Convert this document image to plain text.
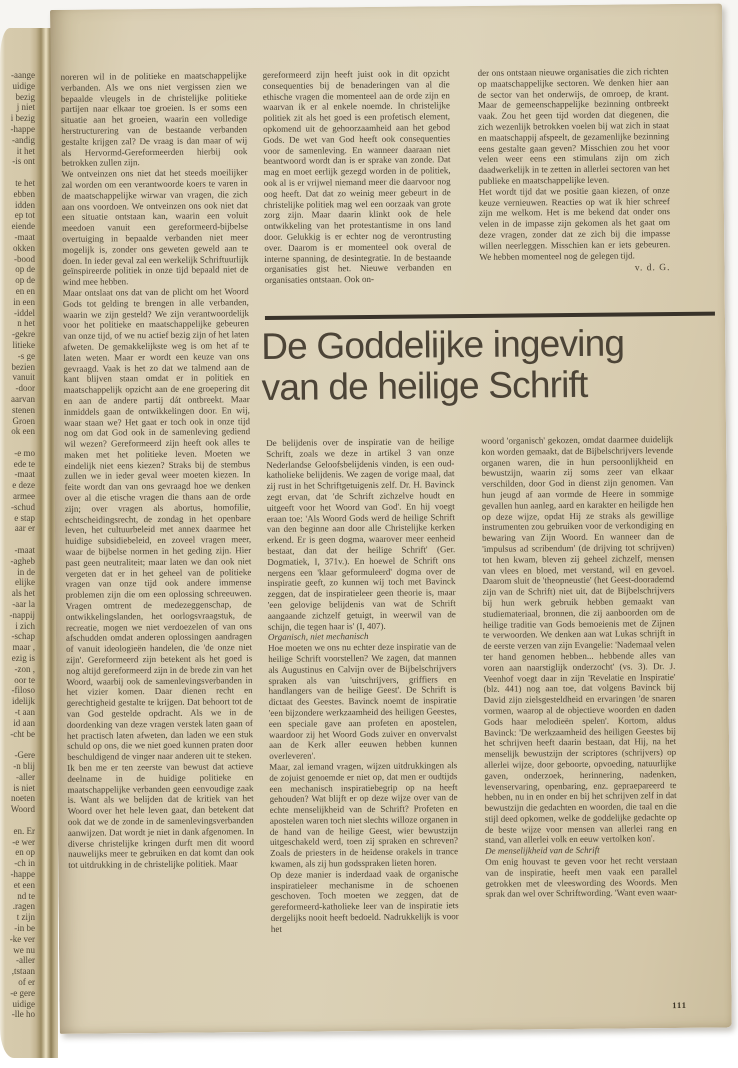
aange-
uidige
bezig
j niet
i bezig
happe-
andig-
it het
is ont-
te het
ebben
idden
ep tot
eiende
maat-
okken
bood-
op de
op de
en en
in een
iddel-
n het
gekre-
litieke
s ge-
bezien
vanuit
door-
aarvan
stenen
Groen
ok een
e mo-
ede te
maat-
e deze
armee
schud-
e stap
aar er
maat-
agheb-
in de
elijke
als het
aar la-
nappij-
i zich
schap-
, maar
ezig is
, zon-
oor te
filoso-
idelijk
t aan-
id aan
cht be-
Gere-
n blij-
aller-
is niet
noeten
Woord
en. Er
e wer-
en op
ch in-
happe-
et een
nd te
ragen.
t zijn
in be-
ke ver-
we nu
aller-
tstaan,
of er
e gere-
uidige
lle ho-

noreren wil in de politieke en maatschappelijke verbanden. Als we ons niet vergissen zien we bepaalde vleugels in de christelijke politieke partijen naar elkaar toe groeien. Is er soms een situatie aan het groeien, waarin een volledige herstructurering van de bestaande verbanden gestalte krijgen zal? De vraag is dan maar of wij als Hervormd-Gereformeerden hierbij ook betrokken zullen zijn.

We ontveinzen ons niet dat het steeds moeilijker zal worden om een verantwoorde koers te varen in de maatschappelijke wirwar van vragen, die zich aan ons voordoen. We ontveinzen ons ook niet dat een situatie ontstaan kan, waarin een voluit meedoen vanuit een gereformeerd-bijbelse overtuiging in bepaalde verbanden niet meer mogelijk is, zonder ons geweten geweld aan te doen. In ieder geval zal een werkelijk Schriftuurlijk geïnspireerde politiek in onze tijd bepaald niet de wind mee hebben.

Maar ontslaat ons dat van de plicht om het Woord Gods tot gelding te brengen in alle verbanden, waarin we zijn gesteld? We zijn verantwoordelijk voor het politieke en maatschappelijke gebeuren van onze tijd, of we nu actief bezig zijn of het laten afweten. De gemakkelijkste weg is om het af te laten weten. Maar er wordt een keuze van ons gevraagd. Vaak is het zo dat we talmend aan de kant blijven staan omdat er in politiek en maatschappelijk opzicht aan de ene groepering dit en aan de andere partij dát ontbreekt. Maar inmiddels gaan de ontwikkelingen door. En wij, waar staan we? Het gaat er toch ook in onze tijd nog om dat God ook in de samenleving gediend wil wezen? Gereformeerd zijn heeft ook alles te maken met het politieke leven. Moeten we eindelijk niet eens kiezen? Straks bij de stembus zullen we in ieder geval weer moeten kiezen. In feite wordt dan van ons gevraagd hoe we denken over al die etische vragen die thans aan de orde zijn; over vragen als abortus, homofilie, echtscheidingsrecht, de zondag in het openbare leven, het cultuurbeleid met annex daarmee het huidige subsidiebeleid, en zoveel vragen meer, waar de bijbelse normen in het geding zijn. Hier past geen neutraliteit; maar laten we dan ook niet vergeten dat er in het geheel van de politieke vragen van onze tijd ook andere immense problemen zijn die om een oplossing schreeuwen. Vragen omtrent de medezeggenschap, de ontwikkelingslanden, het oorlogsvraagstuk, de recreatie, mogen we niet verdoezelen of van ons afschudden omdat anderen oplossingen aandragen of vanuit ideologieën handelen, die 'de onze niet zijn'. Gereformeerd zijn betekent als het goed is nog altijd gereformeerd zijn in de brede zin van het Woord, waarbij ook de samenlevingsverbanden in het vizier komen. Daar dienen recht en gerechtigheid gestalte te krijgen. Dat behoort tot de van God gestelde opdracht. Als we in de doordenking van deze vragen verstek laten gaan of het practisch laten afweten, dan laden we een stuk schuld op ons, die we niet goed kunnen praten door beschuldigend de vinger naar anderen uit te steken.

Ik ben me er ten zeerste van bewust dat actieve deelname in de huidige politieke en maatschappelijke verbanden geen eenvoudige zaak is. Want als we belijden dat de kritiek van het Woord over het hele leven gaat, dan betekent dat ook dat we de zonde in de samenlevingsverbanden aanwijzen. Dat wordt je niet in dank afgenomen. In diverse christelijke kringen durft men dit woord nauwelijks meer te gebruiken en dat komt dan ook tot uitdrukking in de christelijke politiek. Maar

gereformeerd zijn heeft juist ook in dit opzicht consequenties bij de benaderingen van al die ethische vragen die momenteel aan de orde zijn en waarvan ik er al enkele noemde. In christelijke politiek zit als het goed is een profetisch element, opkomend uit de gehoorzaamheid aan het gebod Gods. De wet van God heeft ook consequenties voor de samenleving. En wanneer daaraan niet beantwoord wordt dan is er sprake van zonde. Dat mag en moet eerlijk gezegd worden in de politiek, ook al is er vrijwel niemand meer die daarvoor nog oog heeft. Dat dat zo weinig meer gebeurt in de christelijke politiek mag wel een oorzaak van grote zorg zijn. Maar daarin klinkt ook de hele ontwikkeling van het protestantisme in ons land door. Gelukkig is er echter nog de verontrusting over. Daarom is er momenteel ook overal de interne spanning, de desintegratie. In de bestaande organisaties gist het. Nieuwe verbanden en organisaties ontstaan. Ook on-

der ons ontstaan nieuwe organisaties die zich richten op maatschappelijke sectoren. We denken hier aan de sector van het onderwijs, de omroep, de krant. Maar de gemeenschappelijke bezinning ontbreekt vaak. Zou het geen tijd worden dat diegenen, die zich wezenlijk betrokken voelen bij wat zich in staat en maatschappij afspeelt, de gezamenlijke bezinning eens gestalte gaan geven? Misschien zou het voor velen weer eens een stimulans zijn om zich daadwerkelijk in te zetten in allerlei sectoren van het publieke en maatschappelijke leven.

Het wordt tijd dat we positie gaan kiezen, of onze keuze vernieuwen. Reacties op wat ik hier schreef zijn me welkom. Het is me bekend dat onder ons velen in de impasse zijn gekomen als het gaat om deze vragen, zonder dat ze zich bij die impasse willen neerleggen. Misschien kan er iets gebeuren. We hebben momenteel nog de gelegen tijd.

v. d. G.
De Goddelijke ingeving
van de heilige Schrift

De belijdenis over de inspiratie van de heilige Schrift, zoals we deze in artikel 3 van onze Nederlandse Geloofsbelijdenis vinden, is een oud-katholieke belijdenis. We zagen de vorige maal, dat zij rust in het Schriftgetuigenis zelf. Dr. H. Bavinck zegt ervan, dat 'de Schrift zichzelve houdt en uitgeeft voor het Woord van God'. En hij voegt eraan toe: 'Als Woord Gods werd de heilige Schrift van den beginne aan door alle Christelijke kerken erkend. Er is geen dogma, waarover meer eenheid bestaat, dan dat der heilige Schrift' (Ger. Dogmatiek, I, 371v.). En hoewel de Schrift ons nergens een 'klaar geformuleerd' dogma over de inspiratie geeft, zo kunnen wij toch met Bavinck zeggen, dat de inspiratieleer geen theorie is, maar 'een gelovige belijdenis van wat de Schrift aangaande zichzelf getuigt, in weerwil van de schijn, die tegen haar is' (I, 407).

Organisch, niet mechanisch

Hoe moeten we ons nu echter deze inspiratie van de heilige Schrift voorstellen? We zagen, dat mannen als Augustinus en Calvijn over de Bijbelschrijvers spraken als van 'uitschrijvers, griffiers en handlangers van de heilige Geest'. De Schrift is dictaat des Geestes. Bavinck noemt de inspiratie 'een bijzondere werkzaamheid des heiligen Geestes, een speciale gave aan profeten en apostelen, waardoor zij het Woord Gods zuiver en onvervalst aan de Kerk aller eeuwen hebben kunnen overleveren'.

Maar, zal iemand vragen, wijzen uitdrukkingen als de zojuist genoemde er niet op, dat men er oudtijds een mechanisch inspiratiebegrip op na heeft gehouden? Wat blijft er op deze wijze over van de echte menselijkheid van de Schrift? Profeten en apostelen waren toch niet slechts willoze organen in de hand van de heilige Geest, wier bewustzijn uitgeschakeld werd, toen zij spraken en schreven? Zoals de priesters in de heidense orakels in trance kwamen, als zij hun godsspraken lieten horen.

Op deze manier is inderdaad vaak de organische inspiratieleer mechanisme in de schoenen geschoven. Toch moeten we zeggen, dat de gereformeerd-katholieke leer van de inspiratie iets dergelijks nooit heeft bedoeld. Nadrukkelijk is voor het

woord 'organisch' gekozen, omdat daarmee duidelijk kon worden gemaakt, dat de Bijbelschrijvers levende organen waren, die in hun persoonlijkheid en bewustzijn, waarin zij soms zeer van elkaar verschilden, door God in dienst zijn genomen. Van hun jeugd af aan vormde de Heere in sommige gevallen hun aanleg, aard en karakter en heiligde hen op deze wijze, opdat Hij ze straks als gewillige instrumenten zou gebruiken voor de verkondiging en bewaring van Zijn Woord. En wanneer dan de 'impulsus ad scribendum' (de drijving tot schrijven) tot hen kwam, bleven zij geheel zichzelf, mensen van vlees en bloed, met verstand, wil en gevoel. Daarom sluit de 'theopneustie' (het Geest-doorademd zijn van de Schrift) niet uit, dat de Bijbelschrijvers bij hun werk gebruik hebben gemaakt van studiemateriaal, bronnen, die zij aanboorden om de heilige traditie van Gods bemoeienis met de Zijnen te verwoorden. We denken aan wat Lukas schrijft in de eerste verzen van zijn Evangelie: 'Nademaal velen ter hand genomen hebben... hebbende alles van voren aan naarstiglijk onderzocht' (vs. 3). Dr. J. Veenhof voegt daar in zijn 'Revelatie en Inspiratie' (blz. 441) nog aan toe, dat volgens Bavinck bij David zijn zielsgesteldheid en ervaringen 'de snaren vormen, waarop al de objectieve woorden en daden Gods haar melodieën spelen'. Kortom, aldus Bavinck: 'De werkzaamheid des heiligen Geestes bij het schrijven heeft daarin bestaan, dat Hij, na het menselijk bewustzijn der scriptores (schrijvers) op allerlei wijze, door geboorte, opvoeding, natuurlijke gaven, onderzoek, herinnering, nadenken, levenservaring, openbaring, enz. gepraepareerd te hebben, nu in en onder en bij het schrijven zelf in dat bewustzijn die gedachten en woorden, die taal en die stijl deed opkomen, welke de goddelijke gedachte op de beste wijze voor mensen van allerlei rang en stand, van allerlei volk en eeuw vertolken kon'.

De menselijkheid van de Schrift

Om enig houvast te geven voor het recht verstaan van de inspiratie, heeft men vaak een parallel getrokken met de vleeswording des Woords. Men sprak dan wel over Schriftwording. 'Want even waar-

111
